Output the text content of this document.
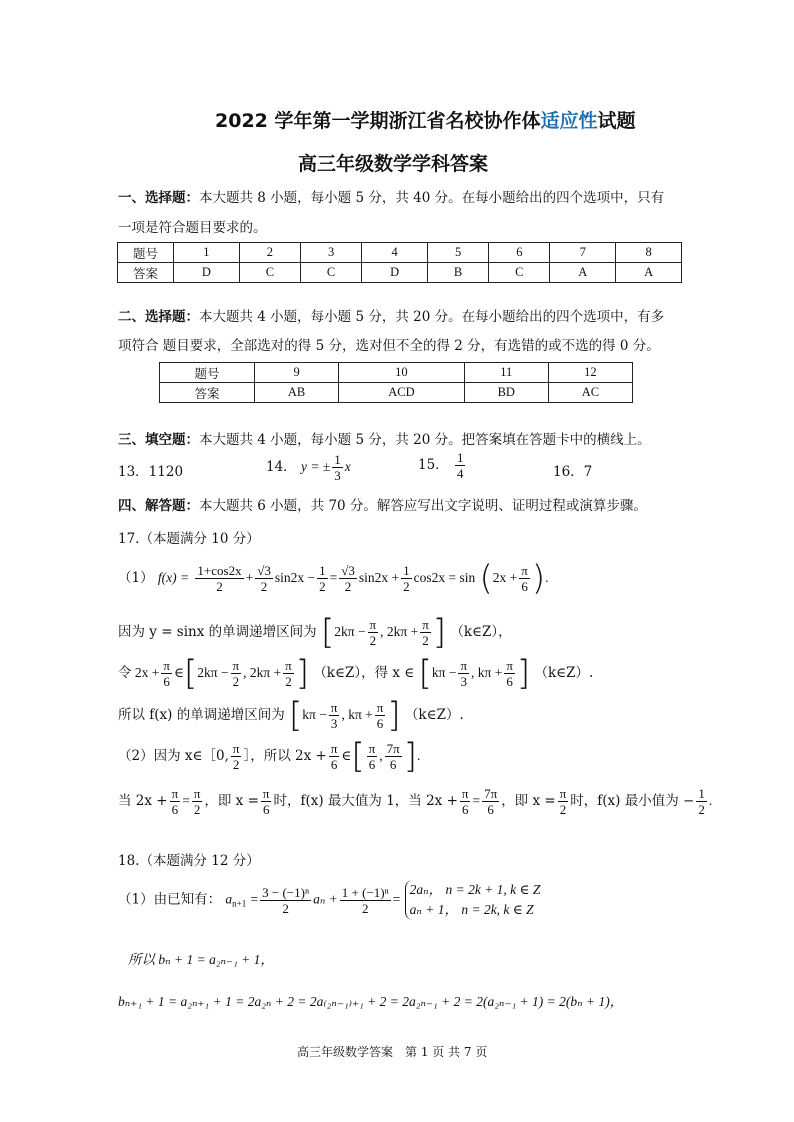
2022 学年第一学期浙江省名校协作体适应性试题
高三年级数学学科答案
一、选择题：本大题共 8 小题，每小题 5 分，共 40 分。在每小题给出的四个选项中，只有
一项是符合题目要求的。
题号	1	2	3	4	5	6	7	8
答案	D	C	C	D	B	C	A	A
二、选择题：本大题共 4 小题，每小题 5 分，共 20 分。在每小题给出的四个选项中，有多
项符合 题目要求，全部选对的得 5 分，选对但不全的得 2 分，有选错的或不选的得 0 分。
题号	9	10	11	12
答案	AB	ACD	BD	AC
三、填空题：本大题共 4 小题，每小题 5 分，共 20 分。把答案填在答题卡中的横线上。
13．1120	14． y = ± $\frac{1}{3}$ x	15． $\frac{1}{4}$	16．7
四、解答题：本大题共 6 小题，共 70 分。解答应写出文字说明、证明过程或演算步骤。
17.（本题满分 10 分）
（1） $f(x) = \frac{1+\cos 2x}{2} + \frac{√3}{2} \sin 2x - \frac{1}{2} = \frac{√3}{2} \sin 2x + \frac{1}{2} \cos 2x = \sin (2x + \frac{\pi}{6}$ ).
因为 y = sinx 的单调递增区间为 [$2k\pi - \frac{\pi}{2}$ , $2k\pi + \frac{\pi}{2}$ ] （k∈Z），
令 $2x + \frac{\pi}{6}$ ∈[2kπ − $\frac{\pi}{2}$ , $2k\pi + \frac{\pi}{2}$ ] （k∈Z），得 x ∈ [$k\pi - \frac{\pi}{3}$ , $k\pi + \frac{\pi}{6}$ ] （k∈Z）.
所以 f(x) 的单调递增区间为 [$k\pi - \frac{\pi}{3}$ , $k\pi + \frac{\pi}{6}$ ] （k∈Z）.
（2）因为 x∈［0, $\frac{\pi}{2}$ ］，所以 $2x + \frac{\pi}{6}$ ∈[ $\frac{\pi}{6}$ , $\frac{7\pi}{6}$ ].
当 $2x + \frac{\pi}{6} = \frac{\pi}{2}$ ，即 $x = \frac{\pi}{6}$ 时，f(x) 最大值为 1，当 $2x + \frac{\pi}{6} = \frac{7\pi}{6}$ ，即 $x = \frac{\pi}{2}$ 时，f(x) 最小值为 − $\frac{1}{2}$ .
18.（本题满分 12 分）
（1）由已知有： $a_{n+1} = \frac{\text{3 − (−1)ⁿ}}{2}$ $a_n + \frac{\text{1 + (−1)ⁿ}}{2}$ =
2aₙ， n = 2k + 1, k ∈ Z
aₙ + 1， n = 2k, k ∈ Z
所以 bₙ + 1 = a₂ₙ₋₁ + 1，
bₙ₊₁ + 1 = a₂ₙ₊₁ + 1 = 2a₂ₙ + 2 = 2a₍₂ₙ₋₁₎₊₁ + 2 = 2a₂ₙ₋₁ + 2 = 2(a₂ₙ₋₁ + 1) = 2(bₙ + 1)，
高三年级数学答案　第 1 页 共 7 页
